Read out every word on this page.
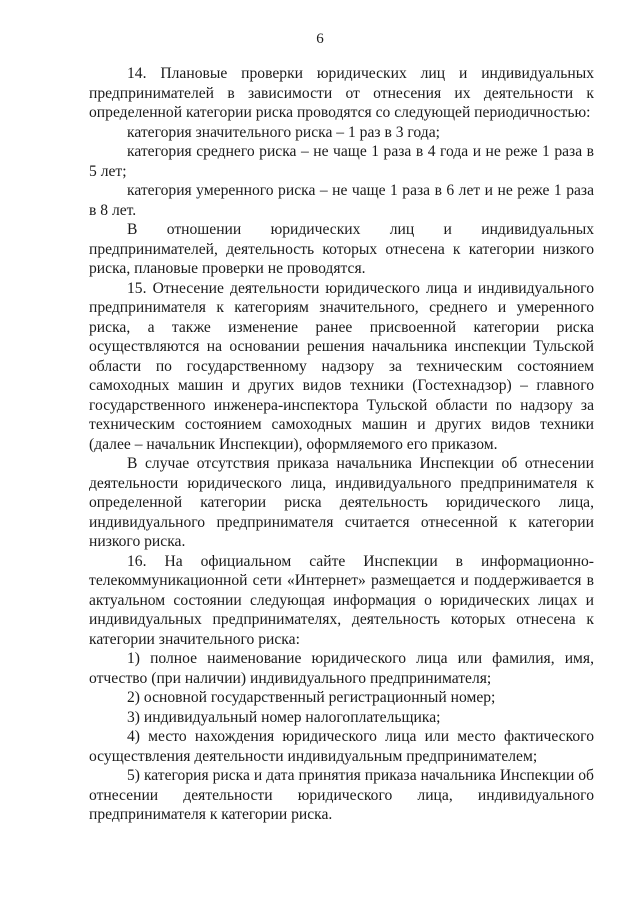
6

14. Плановые проверки юридических лиц и индивидуальных предпринимателей в зависимости от отнесения их деятельности к определенной категории риска проводятся со следующей периодичностью:

категория значительного риска – 1 раз в 3 года;

категория среднего риска – не чаще 1 раза в 4 года и не реже 1 раза в 5 лет;

категория умеренного риска – не чаще 1 раза в 6 лет и не реже 1 раза в 8 лет.

В отношении юридических лиц и индивидуальных предпринимателей, деятельность которых отнесена к категории низкого риска, плановые проверки не проводятся.

15. Отнесение деятельности юридического лица и индивидуального предпринимателя к категориям значительного, среднего и умеренного риска, а также изменение ранее присвоенной категории риска осуществляются на основании решения начальника инспекции Тульской области по государственному надзору за техническим состоянием самоходных машин и других видов техники (Гостехнадзор) – главного государственного инженера-инспектора Тульской области по надзору за техническим состоянием самоходных машин и других видов техники (далее – начальник Инспекции), оформляемого его приказом.

В случае отсутствия приказа начальника Инспекции об отнесении деятельности юридического лица, индивидуального предпринимателя к определенной категории риска деятельность юридического лица, индивидуального предпринимателя считается отнесенной к категории низкого риска.

16. На официальном сайте Инспекции в информационно-телекоммуникационной сети «Интернет» размещается и поддерживается в актуальном состоянии следующая информация о юридических лицах и индивидуальных предпринимателях, деятельность которых отнесена к категории значительного риска:

1) полное наименование юридического лица или фамилия, имя, отчество (при наличии) индивидуального предпринимателя;

2) основной государственный регистрационный номер;

3) индивидуальный номер налогоплательщика;

4) место нахождения юридического лица или место фактического осуществления деятельности индивидуальным предпринимателем;

5) категория риска и дата принятия приказа начальника Инспекции об отнесении деятельности юридического лица, индивидуального предпринимателя к категории риска.
